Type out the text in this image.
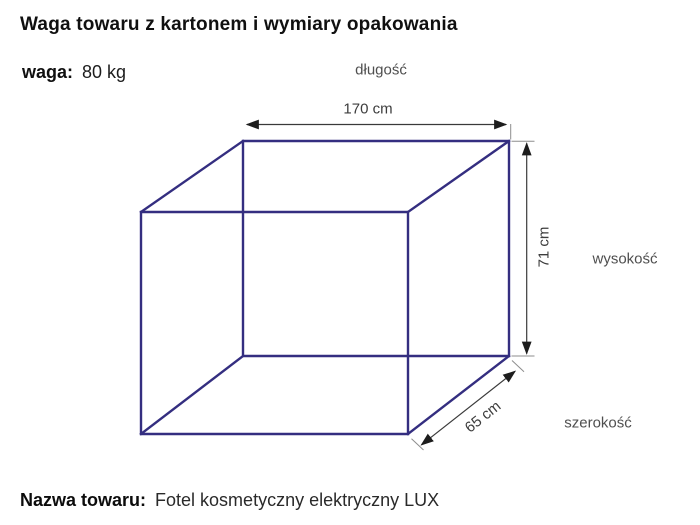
Waga towaru z kartonem i wymiary opakowania
waga: 80 kg	długość
170 cm
71 cm	wysokość
65 cm	szerokość
Nazwa towaru: Fotel kosmetyczny elektryczny LUX
